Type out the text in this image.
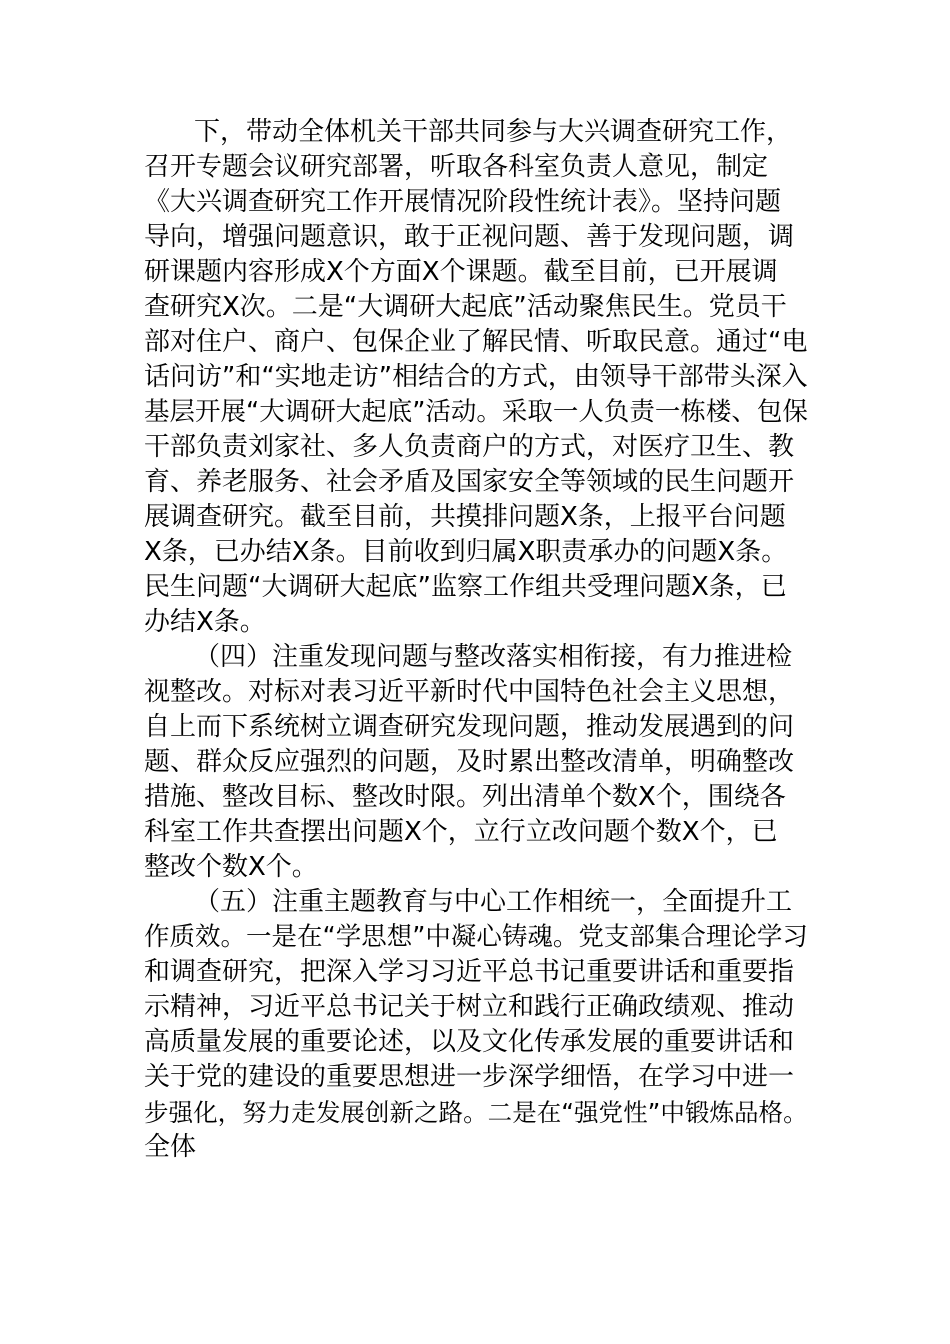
下，带动全体机关干部共同参与大兴调查研究工作，
召开专题会议研究部署，听取各科室负责人意见，制定
《大兴调查研究工作开展情况阶段性统计表》。坚持问题
导向，增强问题意识，敢于正视问题、善于发现问题，调
研课题内容形成X个方面X个课题。截至目前，已开展调
查研究X次。二是“大调研大起底”活动聚焦民生。党员干
部对住户、商户、包保企业了解民情、听取民意。通过“电
话问访”和“实地走访”相结合的方式，由领导干部带头深入
基层开展“大调研大起底”活动。采取一人负责一栋楼、包保
干部负责刘家社、多人负责商户的方式，对医疗卫生、教
育、养老服务、社会矛盾及国家安全等领域的民生问题开
展调查研究。截至目前，共摸排问题X条，上报平台问题
X条，已办结X条。目前收到归属X职责承办的问题X条。
民生问题“大调研大起底”监察工作组共受理问题X条，已
办结X条。
（四）注重发现问题与整改落实相衔接，有力推进检
视整改。对标对表习近平新时代中国特色社会主义思想，
自上而下系统树立调查研究发现问题，推动发展遇到的问
题、群众反应强烈的问题，及时累出整改清单，明确整改
措施、整改目标、整改时限。列出清单个数X个，围绕各
科室工作共查摆出问题X个，立行立改问题个数X个，已
整改个数X个。
（五）注重主题教育与中心工作相统一，全面提升工
作质效。一是在“学思想”中凝心铸魂。党支部集合理论学习
和调查研究，把深入学习习近平总书记重要讲话和重要指
示精神，习近平总书记关于树立和践行正确政绩观、推动
高质量发展的重要论述，以及文化传承发展的重要讲话和
关于党的建设的重要思想进一步深学细悟，在学习中进一
步强化，努力走发展创新之路。二是在“强党性”中锻炼品格。
全体
